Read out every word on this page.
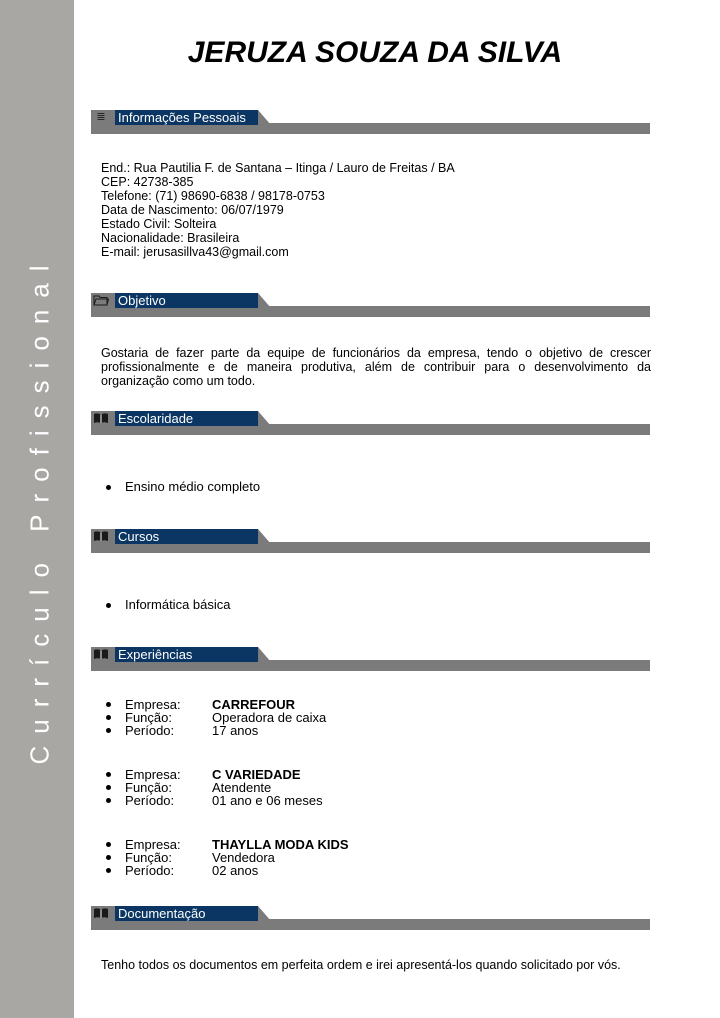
Currículo Profissional
JERUZA SOUZA DA SILVA
≣ Informações Pessoais
End.: Rua Pautilia F. de Santana – Itinga / Lauro de Freitas / BA
CEP: 42738-385
Telefone: (71) 98690-6838 / 98178-0753
Data de Nascimento: 06/07/1979
Estado Civil: Solteira
Nacionalidade: Brasileira
E-mail: jerusasillva43@gmail.com
Objetivo
Gostaria de fazer parte da equipe de funcionários da empresa, tendo o objetivo de crescer profissionalmente e de maneira produtiva, além de contribuir para o desenvolvimento da organização como um todo.
Escolaridade
Ensino médio completo
Cursos
Informática básica
Experiências
Empresa: CARREFOUR
Função:	Operadora de caixa
Período:	17 anos
Empresa: C VARIEDADE
Função:	Atendente
Período:	01 ano e 06 meses
Empresa: THAYLLA MODA KIDS
Função:	Vendedora
Período:	02 anos
Documentação
Tenho todos os documentos em perfeita ordem e irei apresentá-los quando solicitado por vós.
